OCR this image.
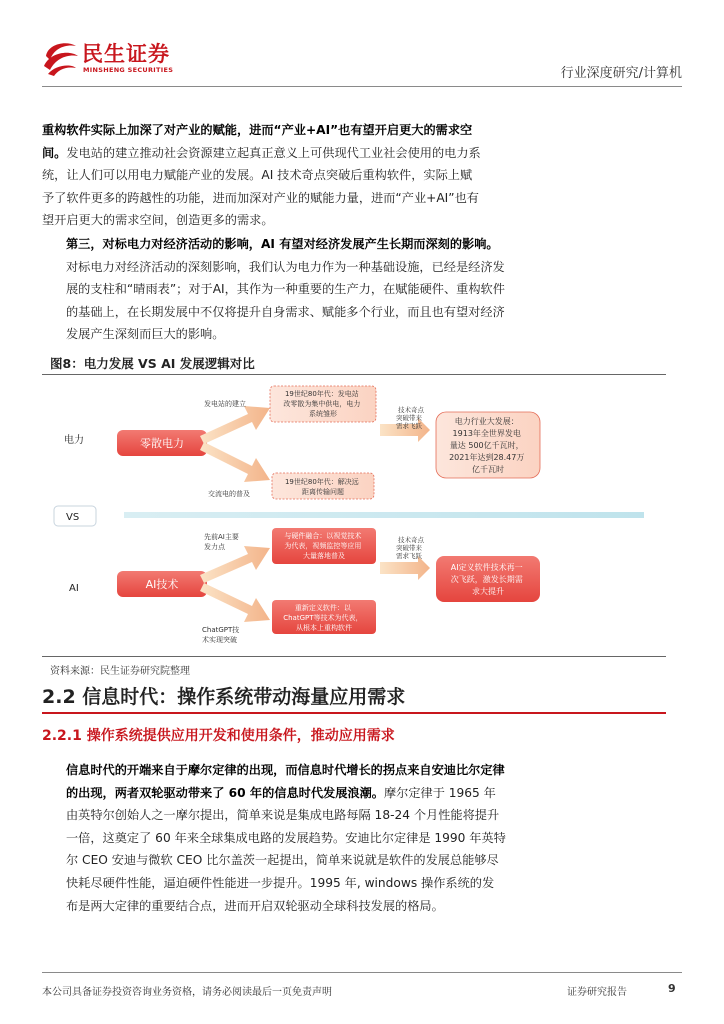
民生证券
MINSHENG SECURITIES	行业深度研究/计算机
重构软件实际上加深了对产业的赋能，进而“产业+AI”也有望开启更大的需求空间。发电站的建立推动社会资源建立起真正意义上可供现代工业社会使用的电力系统，让人们可以用电力赋能产业的发展。AI 技术奇点突破后重构软件，实际上赋予了软件更多的跨越性的功能，进而加深对产业的赋能力量，进而“产业+AI”也有望开启更大的需求空间，创造更多的需求。
第三，对标电力对经济活动的影响，AI 有望对经济发展产生长期而深刻的影响。对标电力对经济活动的深刻影响，我们认为电力作为一种基础设施，已经是经济发展的支柱和“晴雨表”；对于AI，其作为一种重要的生产力，在赋能硬件、重构软件的基础上，在长期发展中不仅将提升自身需求、赋能多个行业，而且也有望对经济发展产生深刻而巨大的影响。
图8：电力发展 VS AI 发展逻辑对比
电力
VS
AI
零散电力
发电站的建立
交流电的普及
19世纪80年代：发电站 改零散为集中供电，电力 系统雏形
19世纪80年代：解决远 距离传输问题
技术奇点 突破带来 需求飞跃	电力行业大发展： 1913年全世界发电 量达 500亿千瓦时， 2021年达到28.47万 亿千瓦时
AI技术
先前AI主要 发力点
ChatGPT技 术实现突破
与硬件融合：以视觉技术 为代表，视频监控等应用 大量落地普及
重新定义软件：以 ChatGPT等技术为代表， 从根本上重构软件
技术奇点 突破带来 需求飞跃
AI定义软件技术再一 次飞跃，激发长期需 求大提升
资料来源：民生证券研究院整理
2.2 信息时代：操作系统带动海量应用需求
2.2.1 操作系统提供应用开发和使用条件，推动应用需求
信息时代的开端来自于摩尔定律的出现，而信息时代增长的拐点来自安迪比尔定律的出现，两者双轮驱动带来了 60 年的信息时代发展浪潮。摩尔定律于 1965 年由英特尔创始人之一摩尔提出，简单来说是集成电路每隔 18-24 个月性能将提升一倍，这奠定了 60 年来全球集成电路的发展趋势。安迪比尔定律是 1990 年英特尔 CEO 安迪与微软 CEO 比尔盖茨一起提出，简单来说就是软件的发展总能够尽快耗尽硬件性能，逼迫硬件性能进一步提升。1995 年, windows 操作系统的发布是两大定律的重要结合点，进而开启双轮驱动全球科技发展的格局。
本公司具备证券投资咨询业务资格，请务必阅读最后一页免责声明	证券研究报告	9
